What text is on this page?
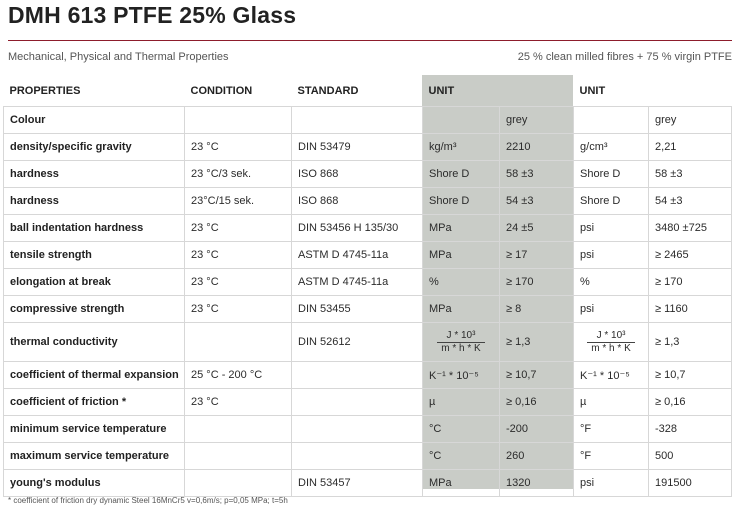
DMH 613 PTFE 25% Glass
Mechanical, Physical and Thermal Properties	25 % clean milled fibres + 75 % virgin PTFE
PROPERTIES	CONDITION	STANDARD	UNIT		UNIT	
Colour				grey		grey
density/specific gravity	23 °C	DIN 53479	kg/m³	2210	g/cm³	2,21
hardness	23 °C/3 sek.	ISO 868	Shore D	58 ±3	Shore D	58 ±3
hardness	23°C/15 sek.	ISO 868	Shore D	54 ±3	Shore D	54 ±3
ball indentation hardness	23 °C	DIN 53456 H 135/30	MPa	24 ±5	psi	3480 ±725
tensile strength	23 °C	ASTM D 4745-11a	MPa	≥ 17	psi	≥ 2465
elongation at break	23 °C	ASTM D 4745-11a	%	≥ 170	%	≥ 170
compressive strength	23 °C	DIN 53455	MPa	≥ 8	psi	≥ 1160
thermal conductivity		DIN 52612	$\frac{\text{J * 10³}}{m * h * K}$	≥ 1,3	$\frac{\text{J * 10³}}{m * h * K}$	≥ 1,3
coefficient of thermal expansion	25 °C - 200 °C		K⁻¹ * 10⁻⁵	≥ 10,7	K⁻¹ * 10⁻⁵	≥ 10,7
coefficient of friction *	23 °C		µ	≥ 0,16	µ	≥ 0,16
minimum service temperature			°C	-200	°F	-328
maximum service temperature			°C	260	°F	500
young's modulus		DIN 53457	MPa	1320	psi	191500
* coefficient of friction dry dynamic Steel 16MnCr5 v=0,6m/s; p=0,05 MPa; t=5h
